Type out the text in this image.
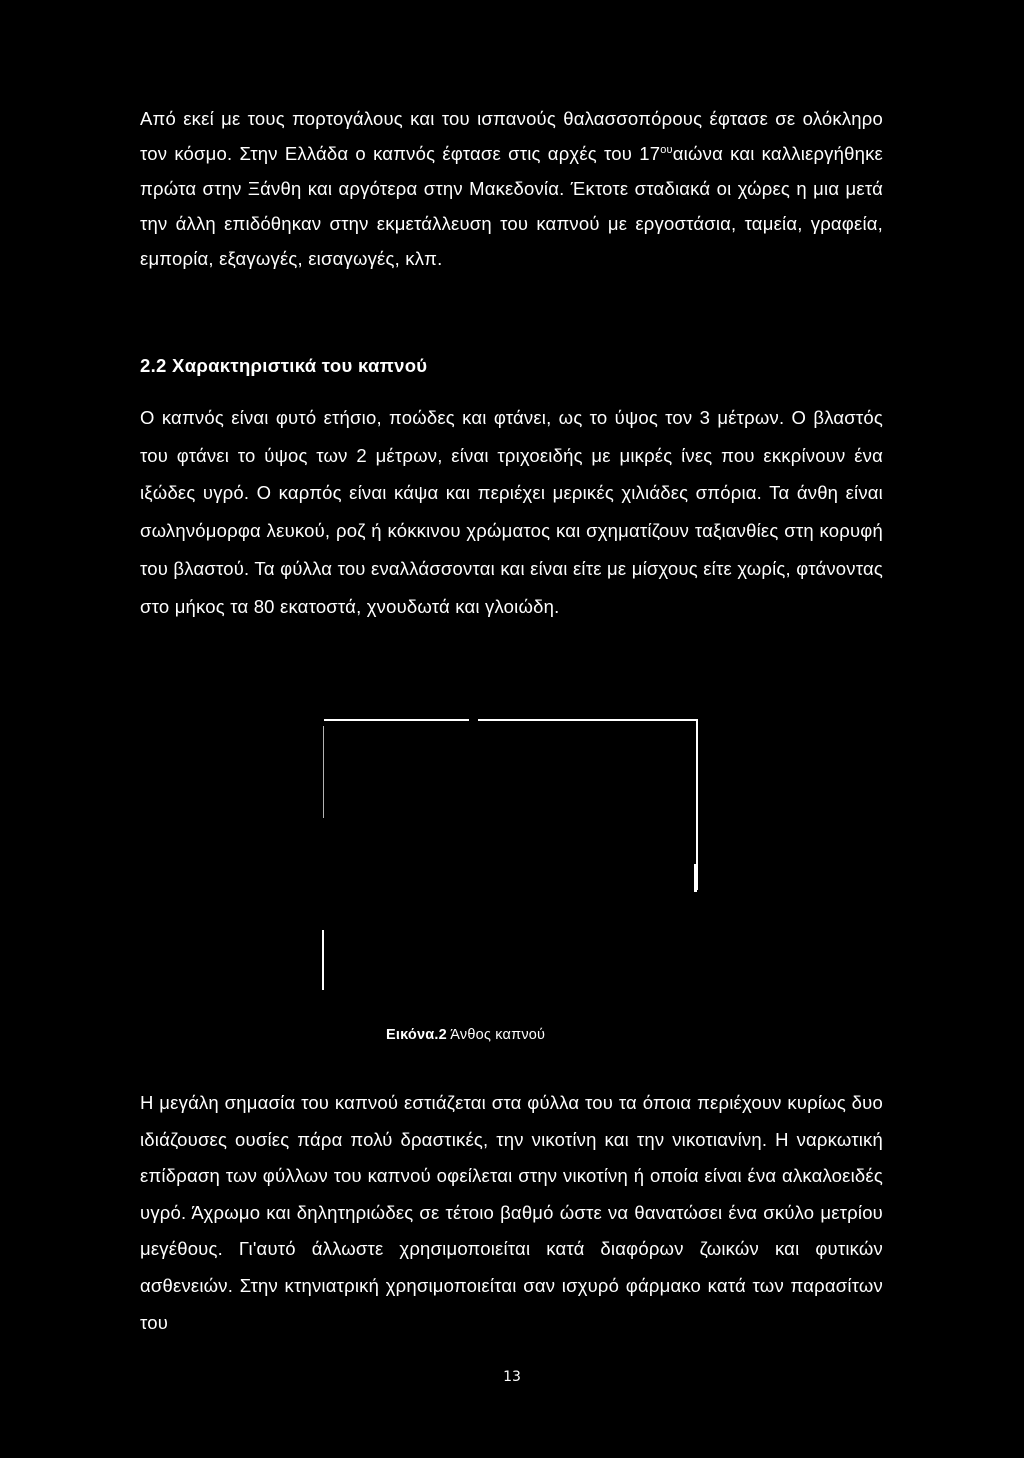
Από εκεί με τους πορτογάλους και του ισπανούς θαλασσοπόρους έφτασε σε ολόκληρο τον κόσμο. Στην Ελλάδα ο καπνός έφτασε στις αρχές του $17^{o\upsilon}\alpha\iota ώ\nu\alpha$ και καλλιεργήθηκε πρώτα στην Ξάνθη και αργότερα στην Μακεδονία. Έκτοτε σταδιακά οι χώρες η μια μετά την άλλη επιδόθηκαν στην εκμετάλλευση του καπνού με εργοστάσια, ταμεία, γραφεία, εμπορία, εξαγωγές, εισαγωγές, κλπ.

2.2 Χαρακτηριστικά του καπνού

Ο καπνός είναι φυτό ετήσιο, ποώδες και φτάνει, ως το ύψος τον 3 μέτρων. Ο βλαστός του φτάνει το ύψος των 2 μέτρων, είναι τριχοειδής με μικρές ίνες που εκκρίνουν ένα ιξώδες υγρό. Ο καρπός είναι κάψα και περιέχει μερικές χιλιάδες σπόρια. Τα άνθη είναι σωληνόμορφα λευκού, ροζ ή κόκκινου χρώματος και σχηματίζουν ταξιανθίες στη κορυφή του βλαστού. Τα φύλλα του εναλλάσσονται και είναι είτε με μίσχους είτε χωρίς, φτάνοντας στο μήκος τα 80 εκατοστά, χνουδωτά και γλοιώδη.

Εικόνα.2 Άνθος καπνού

Η μεγάλη σημασία του καπνού εστιάζεται στα φύλλα του τα όποια περιέχουν κυρίως δυο ιδιάζουσες ουσίες πάρα πολύ δραστικές, την νικοτίνη και την νικοτιανίνη. Η ναρκωτική επίδραση των φύλλων του καπνού οφείλεται στην νικοτίνη ή οποία είναι ένα αλκαλοειδές υγρό. Άχρωμο και δηλητηριώδες σε τέτοιο βαθμό ώστε να θανατώσει ένα σκύλο μετρίου μεγέθους. Γι'αυτό άλλωστε χρησιμοποιείται κατά διαφόρων ζωικών και φυτικών ασθενειών. Στην κτηνιατρική χρησιμοποιείται σαν ισχυρό φάρμακο κατά των παρασίτων του

13
